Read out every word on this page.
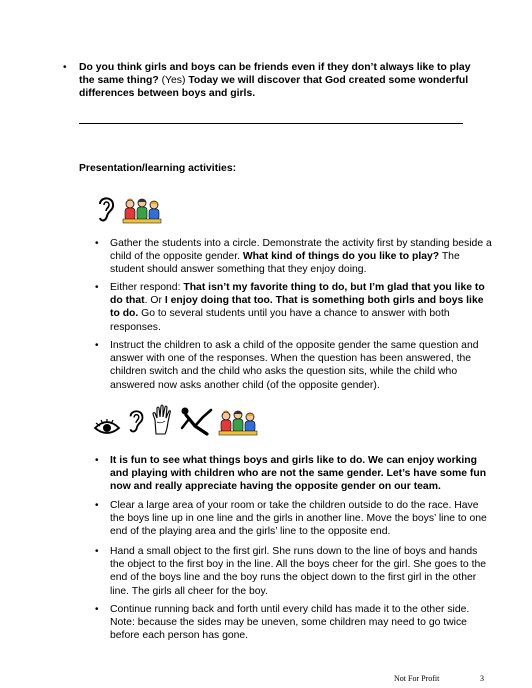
• Do you think girls and boys can be friends even if they don’t always like to play the same thing? (Yes) Today we will discover that God created some wonderful differences between boys and girls.
Presentation/learning activities:
• Gather the students into a circle. Demonstrate the activity first by standing beside a child of the opposite gender. What kind of things do you like to play? The student should answer something that they enjoy doing.
• Either respond: That isn’t my favorite thing to do, but I’m glad that you like to do that. Or I enjoy doing that too. That is something both girls and boys like to do. Go to several students until you have a chance to answer with both responses.
• Instruct the children to ask a child of the opposite gender the same question and answer with one of the responses. When the question has been answered, the children switch and the child who asks the question sits, while the child who answered now asks another child (of the opposite gender).
• It is fun to see what things boys and girls like to do. We can enjoy working and playing with children who are not the same gender. Let’s have some fun now and really appreciate having the opposite gender on our team.
• Clear a large area of your room or take the children outside to do the race. Have the boys line up in one line and the girls in another line. Move the boys’ line to one end of the playing area and the girls’ line to the opposite end.
• Hand a small object to the first girl. She runs down to the line of boys and hands the object to the first boy in the line. All the boys cheer for the girl. She goes to the end of the boys line and the boy runs the object down to the first girl in the other line. The girls all cheer for the boy.
• Continue running back and forth until every child has made it to the other side. Note: because the sides may be uneven, some children may need to go twice before each person has gone.
Not For Profit	3
